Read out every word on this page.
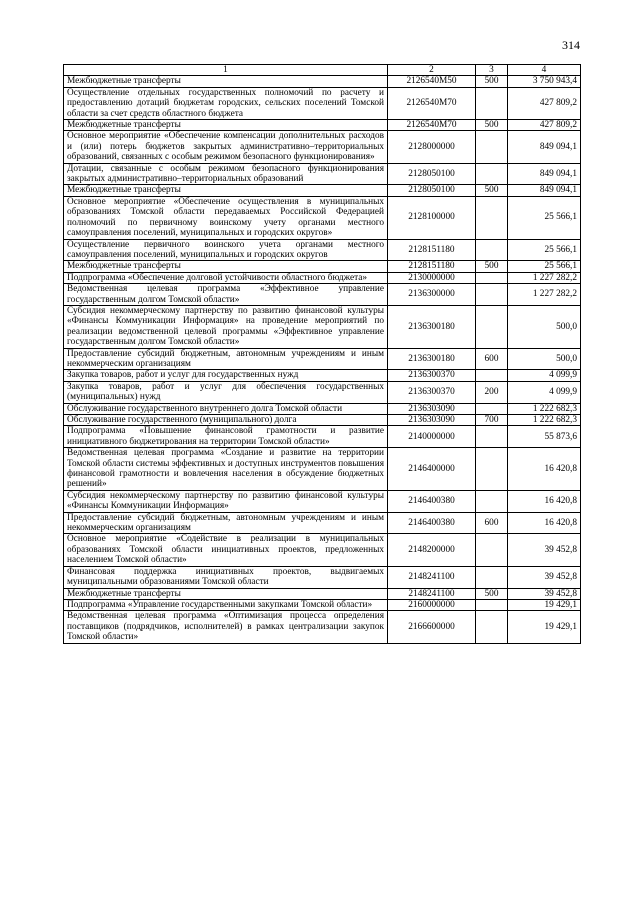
314
1	2	3	4
Межбюджетные трансферты	2126540M50	500	3 750 943,4
Осуществление отдельных государственных полномочий по расчету и предоставлению дотаций бюджетам городских, сельских поселений Томской области за счет средств областного бюджета	2126540M70		427 809,2
Межбюджетные трансферты	2126540M70	500	427 809,2
Основное мероприятие «Обеспечение компенсации дополнительных расходов и (или) потерь бюджетов закрытых административно–территориальных образований, связанных с особым режимом безопасного функционирования»	2128000000		849 094,1
Дотации, связанные с особым режимом безопасного функционирования закрытых административно–территориальных образований	2128050100		849 094,1
Межбюджетные трансферты	2128050100	500	849 094,1
Основное мероприятие «Обеспечение осуществления в муниципальных образованиях Томской области передаваемых Российской Федерацией полномочий по первичному воинскому учету органами местного самоуправления поселений, муниципальных и городских округов»	2128100000		25 566,1
Осуществление первичного воинского учета органами местного самоуправления поселений, муниципальных и городских округов	2128151180		25 566,1
Межбюджетные трансферты	2128151180	500	25 566,1
Подпрограмма «Обеспечение долговой устойчивости областного бюджета»	2130000000		1 227 282,2
Ведомственная целевая программа «Эффективное управление государственным долгом Томской области»	2136300000		1 227 282,2
Субсидия некоммерческому партнерству по развитию финансовой культуры «Финансы Коммуникации Информация» на проведение мероприятий по реализации ведомственной целевой программы «Эффективное управление государственным долгом Томской области»	2136300180		500,0
Предоставление субсидий бюджетным, автономным учреждениям и иным некоммерческим организациям	2136300180	600	500,0
Закупка товаров, работ и услуг для государственных нужд	2136300370		4 099,9
Закупка товаров, работ и услуг для обеспечения государственных (муниципальных) нужд	2136300370	200	4 099,9
Обслуживание государственного внутреннего долга Томской области	2136303090		1 222 682,3
Обслуживание государственного (муниципального) долга	2136303090	700	1 222 682,3
Подпрограмма «Повышение финансовой грамотности и развитие инициативного бюджетирования на территории Томской области»	2140000000		55 873,6
Ведомственная целевая программа «Создание и развитие на территории Томской области системы эффективных и доступных инструментов повышения финансовой грамотности и вовлечения населения в обсуждение бюджетных решений»	2146400000		16 420,8
Субсидия некоммерческому партнерству по развитию финансовой культуры «Финансы Коммуникации Информация»	2146400380		16 420,8
Предоставление субсидий бюджетным, автономным учреждениям и иным некоммерческим организациям	2146400380	600	16 420,8
Основное мероприятие «Содействие в реализации в муниципальных образованиях Томской области инициативных проектов, предложенных населением Томской области»	2148200000		39 452,8
Финансовая поддержка инициативных проектов, выдвигаемых муниципальными образованиями Томской области	2148241100		39 452,8
Межбюджетные трансферты	2148241100	500	39 452,8
Подпрограмма «Управление государственными закупками Томской области»	2160000000		19 429,1
Ведомственная целевая программа «Оптимизация процесса определения поставщиков (подрядчиков, исполнителей) в рамках централизации закупок Томской области»	2166600000		19 429,1
